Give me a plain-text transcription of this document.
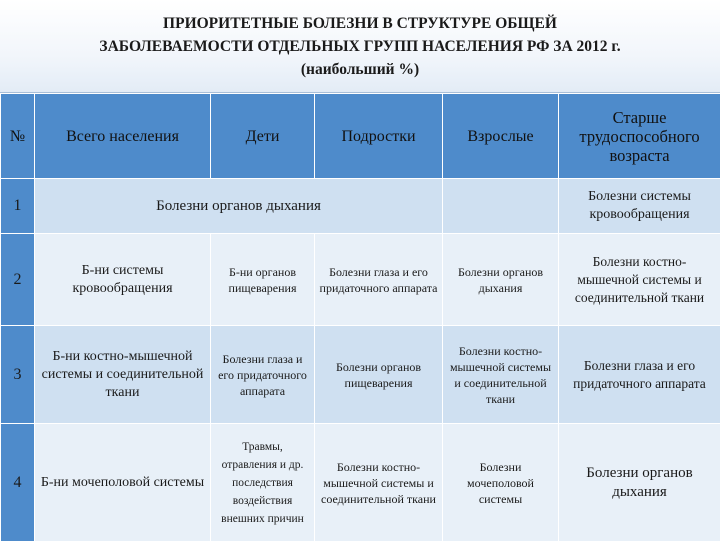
ПРИОРИТЕТНЫЕ БОЛЕЗНИ В СТРУКТУРЕ ОБЩЕЙ
ЗАБОЛЕВАЕМОСТИ ОТДЕЛЬНЫХ ГРУПП НАСЕЛЕНИЯ РФ ЗА 2012 г.
(наибольший %)

№	Всего населения	Дети	Подростки	Взрослые	Старше трудоспособного возраста
1	Болезни органов дыхания				Болезни системы кровообращения
2	Б-ни системы кровообращения	Б-ни органов пищеварения	Болезни глаза и его придаточного аппарата	Болезни органов дыхания	Болезни костно-мышечной системы и соединительной ткани
3	Б-ни костно-мышечной системы и соединительной ткани	Болезни глаза и его придаточного аппарата	Болезни органов пищеварения	Болезни костно-мышечной системы и соединительной ткани	Болезни глаза и его придаточного аппарата
4	Б-ни мочеполовой системы	Травмы, отравления и др. последствия воздействия внешних причин	Болезни костно-мышечной системы и соединительной ткани	Болезни мочеполовой системы	Болезни органов дыхания
